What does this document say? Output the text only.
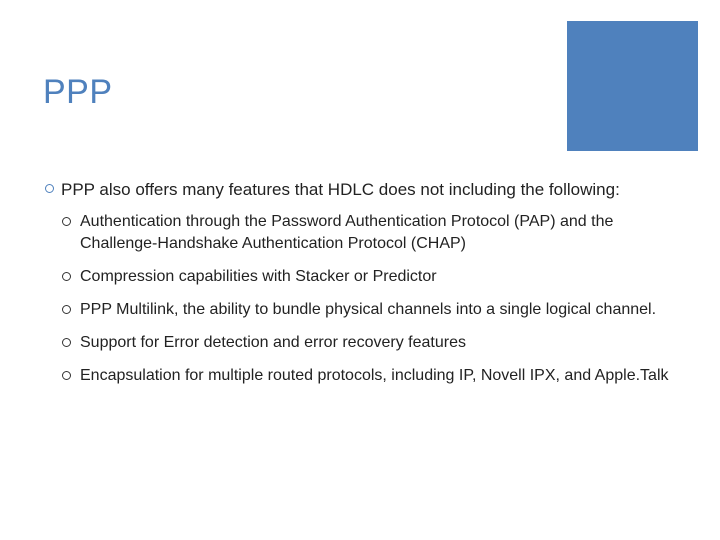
PPP
PPP also offers many features that HDLC does not including the following:
Authentication through the Password Authentication Protocol (PAP) and the Challenge-Handshake Authentication Protocol (CHAP)
Compression capabilities with Stacker or Predictor
PPP Multilink, the ability to bundle physical channels into a single logical channel.
Support for Error detection and error recovery features
Encapsulation for multiple routed protocols, including IP, Novell IPX, and Apple.Talk
